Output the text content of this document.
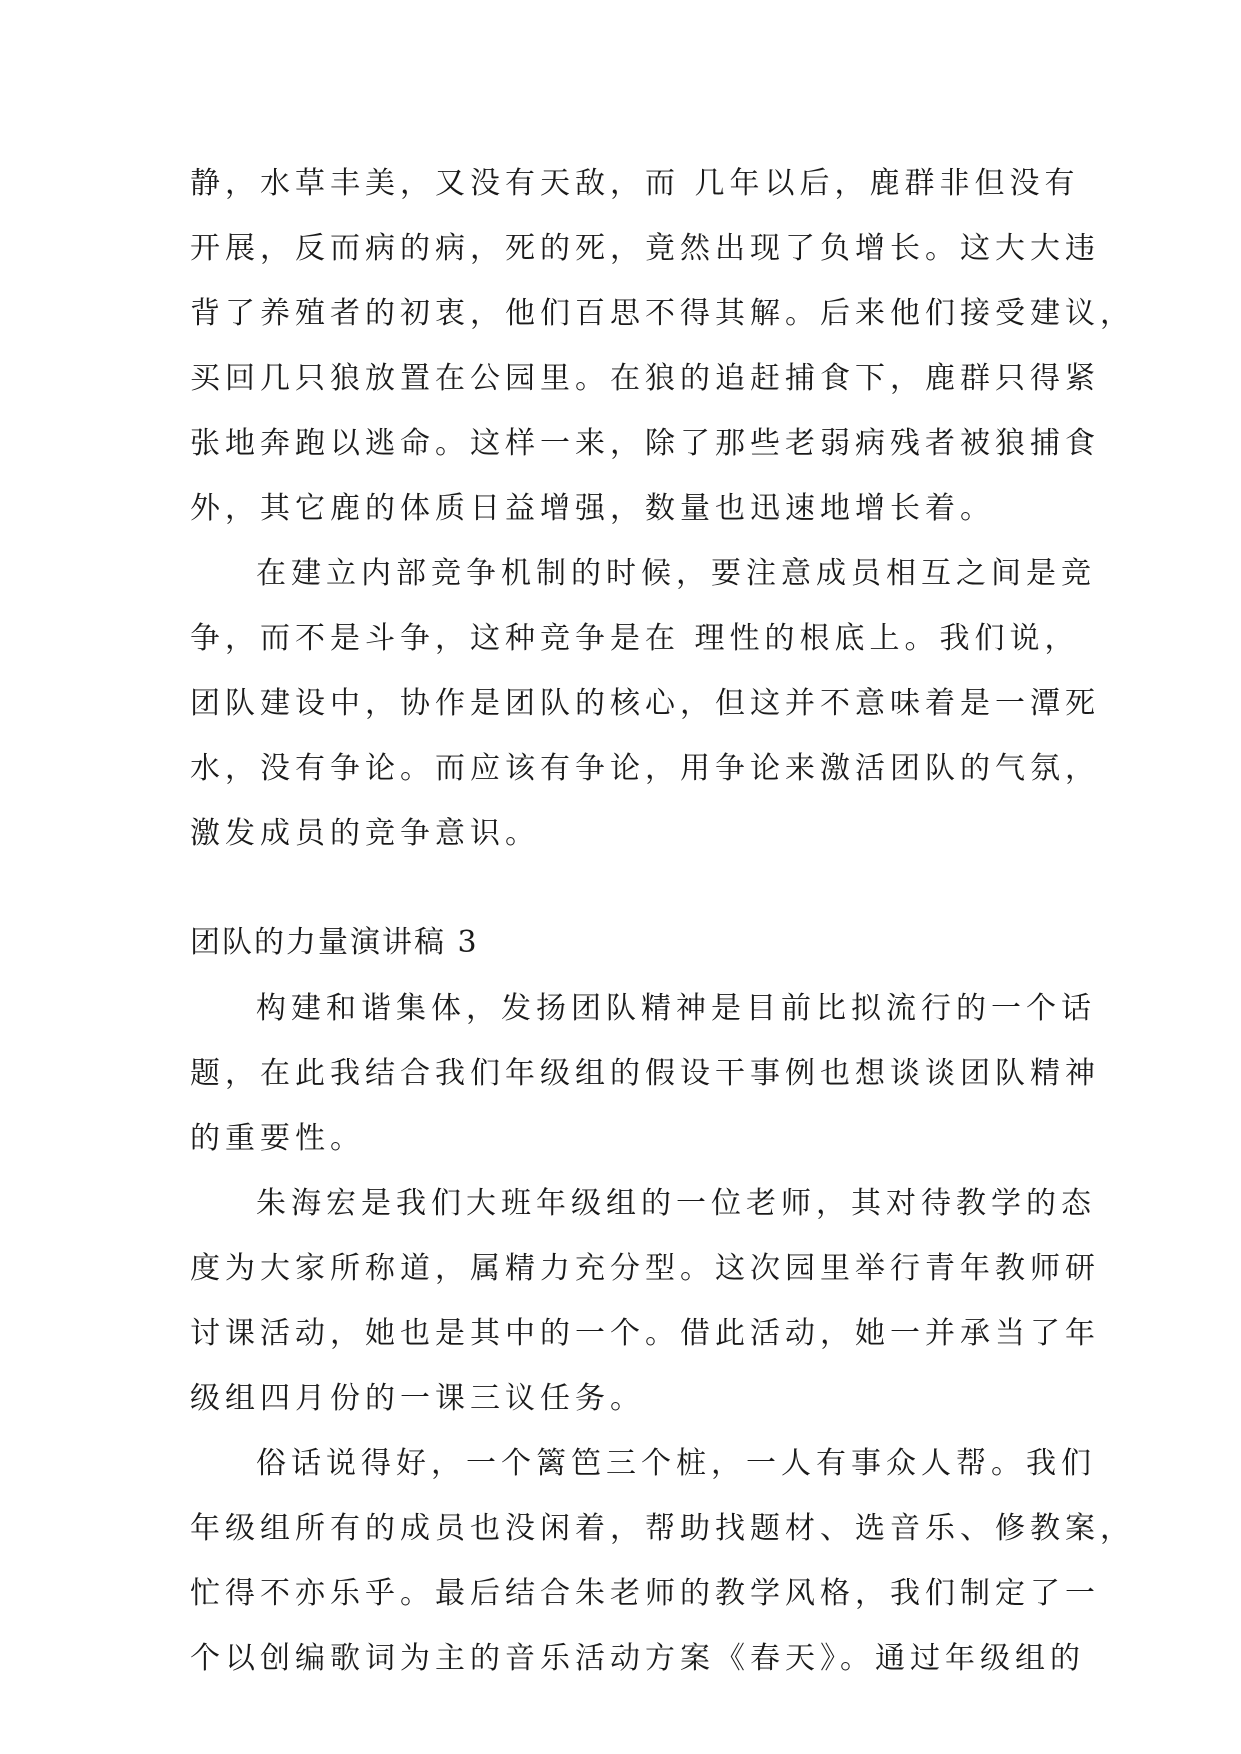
静，水草丰美，又没有天敌，而 几年以后，鹿群非但没有
开展，反而病的病，死的死，竟然出现了负增长。这大大违
背了养殖者的初衷，他们百思不得其解。后来他们接受建议，
买回几只狼放置在公园里。在狼的追赶捕食下，鹿群只得紧
张地奔跑以逃命。这样一来，除了那些老弱病残者被狼捕食
外，其它鹿的体质日益增强，数量也迅速地增长着。
在建立内部竞争机制的时候，要注意成员相互之间是竞
争，而不是斗争，这种竞争是在 理性的根底上。我们说，
团队建设中，协作是团队的核心，但这并不意味着是一潭死
水，没有争论。而应该有争论，用争论来激活团队的气氛，
激发成员的竞争意识。
团队的力量演讲稿 3
构建和谐集体，发扬团队精神是目前比拟流行的一个话
题，在此我结合我们年级组的假设干事例也想谈谈团队精神
的重要性。
朱海宏是我们大班年级组的一位老师，其对待教学的态
度为大家所称道，属精力充分型。这次园里举行青年教师研
讨课活动，她也是其中的一个。借此活动，她一并承当了年
级组四月份的一课三议任务。
俗话说得好，一个篱笆三个桩，一人有事众人帮。我们
年级组所有的成员也没闲着，帮助找题材、选音乐、修教案，
忙得不亦乐乎。最后结合朱老师的教学风格，我们制定了一
个以创编歌词为主的音乐活动方案《春天》。通过年级组的
